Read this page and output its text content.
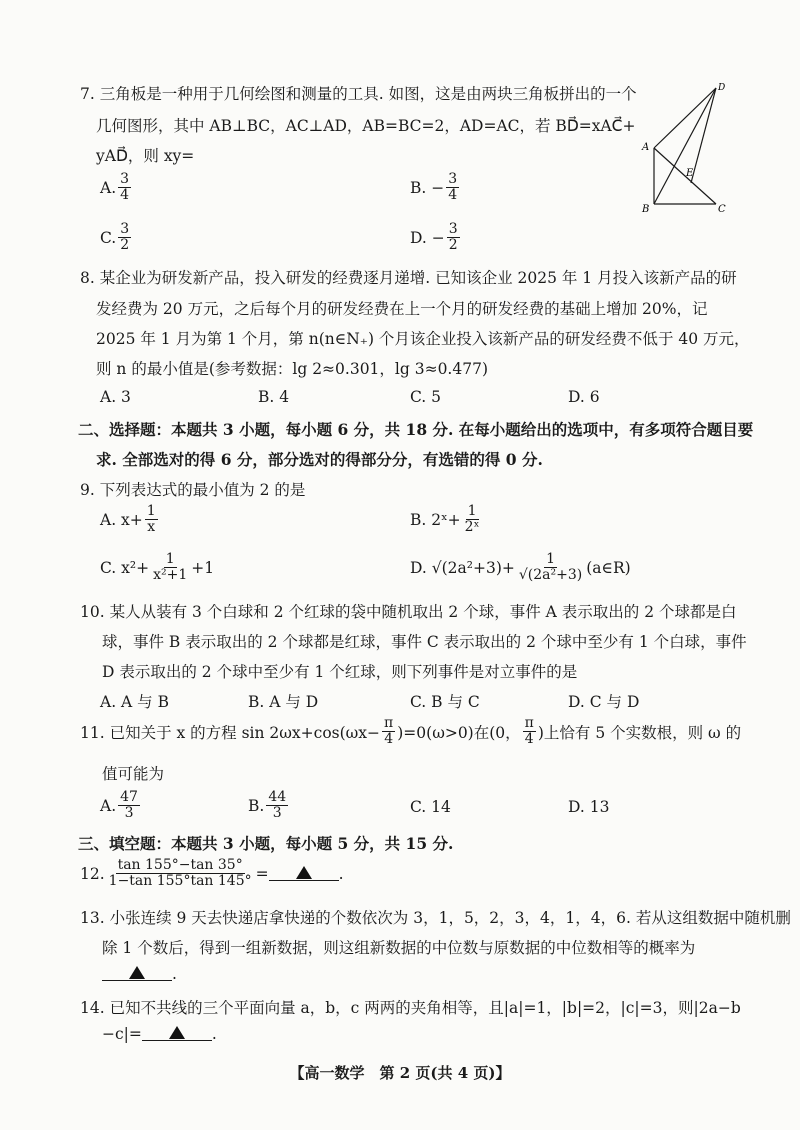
7. 三角板是一种用于几何绘图和测量的工具. 如图，这是由两块三角板拼出的一个
几何图形，其中 AB⊥BC，AC⊥AD，AB=BC=2，AD=AC，若 BD⃗=xAC⃗+
yAD⃗，则 xy=
A. $\frac{3}{4}$	B. − $\frac{3}{4}$
C. $\frac{3}{2}$	D. − $\frac{3}{2}$
D
A
E
B	C
8. 某企业为研发新产品，投入研发的经费逐月递增. 已知该企业 2025 年 1 月投入该新产品的研
发经费为 20 万元，之后每个月的研发经费在上一个月的研发经费的基础上增加 20%，记
2025 年 1 月为第 1 个月，第 n(n∈N₊) 个月该企业投入该新产品的研发经费不低于 40 万元，
则 n 的最小值是(参考数据：lg 2≈0.301，lg 3≈0.477)
A. 3	B. 4	C. 5	D. 6
二、选择题：本题共 3 小题，每小题 6 分，共 18 分. 在每小题给出的选项中，有多项符合题目要
求. 全部选对的得 6 分，部分选对的得部分分，有选错的得 0 分.
9. 下列表达式的最小值为 2 的是
A. $x+ \frac{1}{x}$	B. 2ˣ+ $\frac{1}{\text{2ˣ}}$
C. $x^2+ \frac{1}{\text{x²+1}} +1$	D. $√(2a^2+3)+ \frac{1}{\text{√(2a²+3)}}$ (a∈R)
10. 某人从装有 3 个白球和 2 个红球的袋中随机取出 2 个球，事件 A 表示取出的 2 个球都是白
球，事件 B 表示取出的 2 个球都是红球，事件 C 表示取出的 2 个球中至少有 1 个白球，事件
D 表示取出的 2 个球中至少有 1 个红球，则下列事件是对立事件的是
A. A 与 B	B. A 与 D	C. B 与 C	D. C 与 D
11. 已知关于 x 的方程 $\sin 2\omega x+\cos(\omega x- \frac{\pi}{4} )=0(\omega>0)$在(0， $\frac{\pi}{4}$ )上恰有 5 个实数根，则 ω 的
值可能为
A. $\frac{47}{3}$	B. $\frac{44}{3}$	C. 14	D. 13
三、填空题：本题共 3 小题，每小题 5 分，共 15 分.
12. $\frac{\tan 155^\circ-\tan 35^\circ}{1-\tan 155^\circ\tan 145^\circ}$ =	.
13. 小张连续 9 天去快递店拿快递的个数依次为 3，1，5，2，3，4，1，4，6. 若从这组数据中随机删
除 1 个数后，得到一组新数据，则这组新数据的中位数与原数据的中位数相等的概率为
.
14. 已知不共线的三个平面向量 a，b，c 两两的夹角相等，且|a|=1，|b|=2，|c|=3，则|2a−b
−c|=	.
【高一数学　第 2 页(共 4 页)】
